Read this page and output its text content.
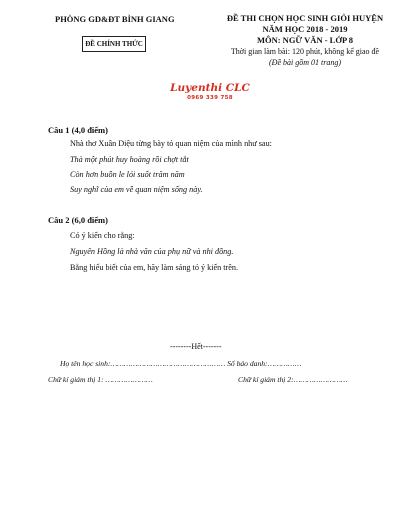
PHÒNG GD&ĐT BÌNH GIANG
ĐỀ CHÍNH THỨC
ĐỀ THI CHỌN HỌC SINH GIỎI HUYỆN
NĂM HỌC 2018 - 2019
MÔN: NGỮ VĂN - LỚP 8
Thời gian làm bài: 120 phút, không kể giao đề
(Đề bài gồm 01 trang)
Luyenthi CLC
0969 339 758
Câu 1 (4,0 điểm)
Nhà thơ Xuân Diệu từng bày tỏ quan niệm của mình như sau:
Thà một phút huy hoàng rồi chợt tắt
Còn hơn buồn le lói suốt trăm năm
Suy nghĩ của em về quan niệm sống này.
Câu 2 (6,0 điểm)
Có ý kiến cho rằng:
Nguyên Hồng là nhà văn của phụ nữ và nhi đồng.
Bằng hiểu biết của em, hãy làm sáng tỏ ý kiến trên.
--------Hết-------
Họ tên học sinh:…………………………………………… Số báo danh:……………
Chữ kí giám thị 1: …………………	Chữ kí giám thị 2:……………………
